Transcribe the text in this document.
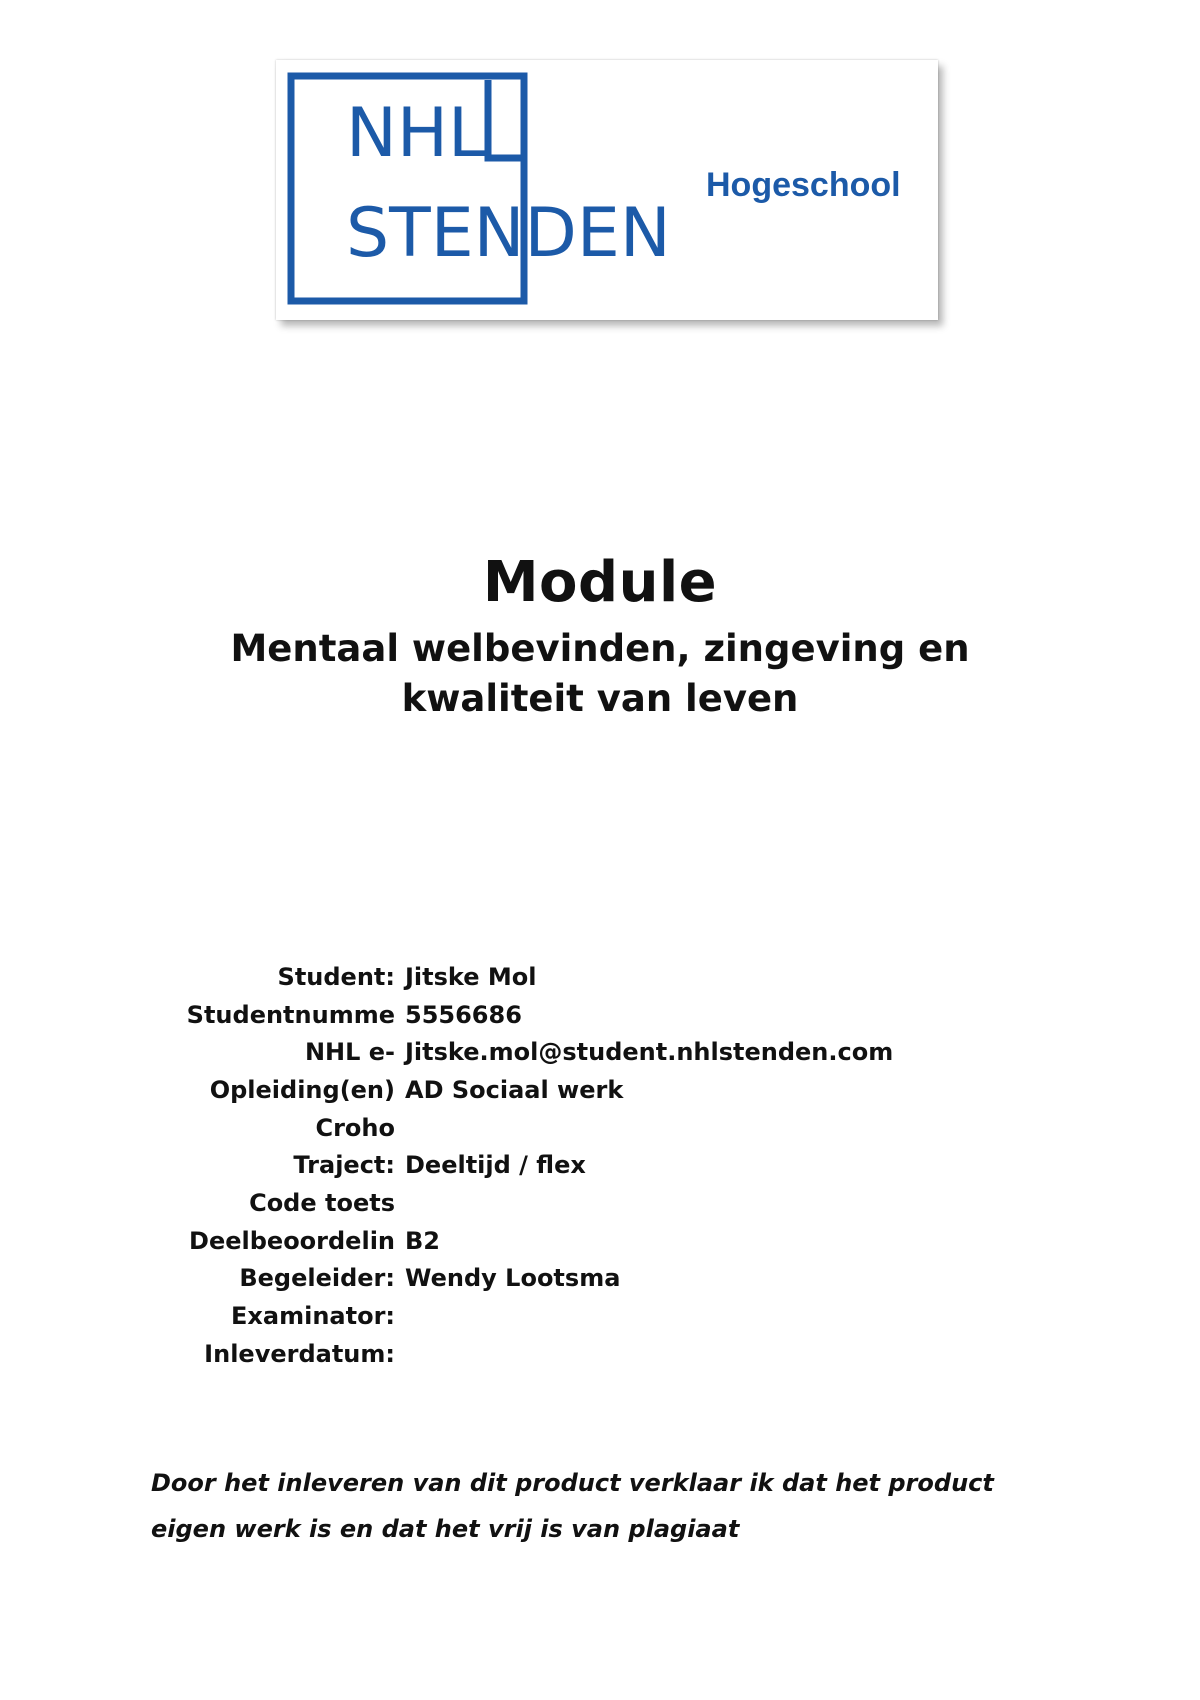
NHL
STENDEN
Hogeschool
Module
Mentaal welbevinden, zingeving en kwaliteit van leven
Student: Jitske Mol
Studentnumme 5556686
NHL e- Jitske.mol@student.nhlstenden.com
Opleiding(en) AD Sociaal werk
Croho
Traject: Deeltijd / flex
Code toets
Deelbeoordelin B2
Begeleider: Wendy Lootsma
Examinator:
Inleverdatum:

Door het inleveren van dit product verklaar ik dat het product eigen werk is en dat het vrij is van plagiaat
